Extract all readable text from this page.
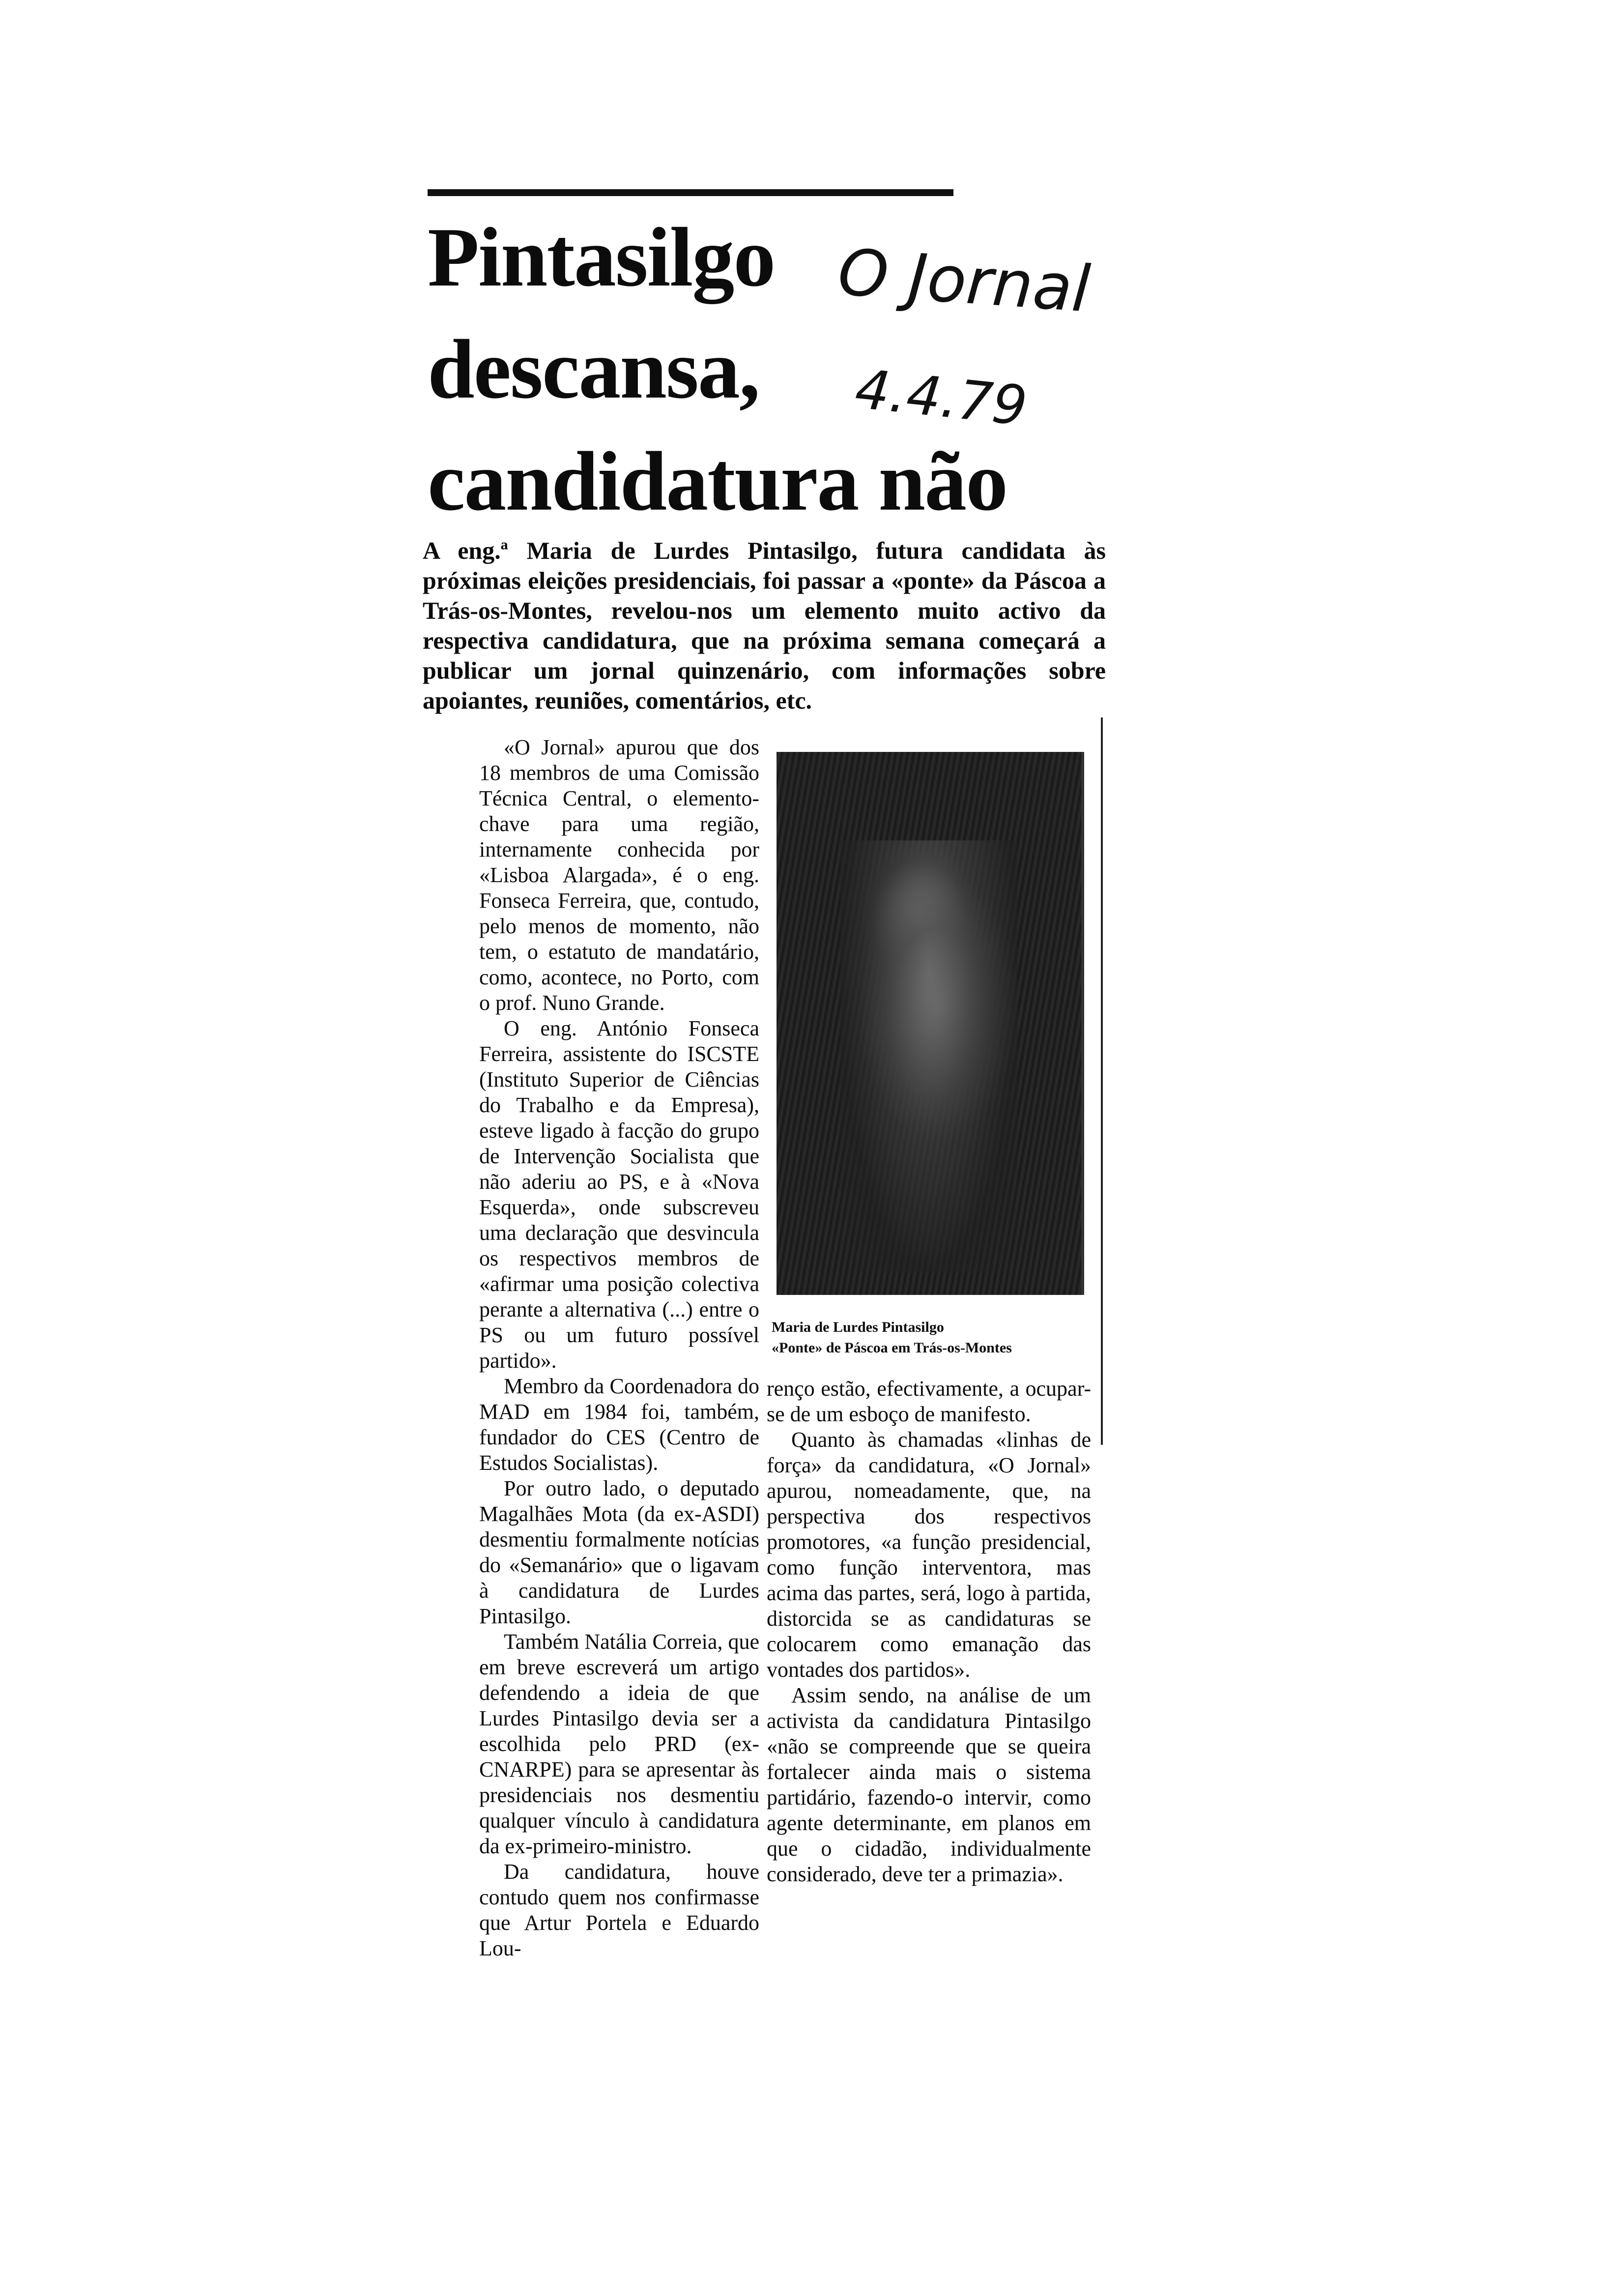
Pintasilgo
descansa,
candidatura não
O Jornal
4.4.79

A eng.ª Maria de Lurdes Pintasilgo, futura candidata às próximas eleições presidenciais, foi passar a «ponte» da Páscoa a Trás-os-Montes, revelou-nos um elemento muito activo da respectiva candidatura, que na próxima semana começará a publicar um jornal quinzenário, com informações sobre apoiantes, reuniões, comentários, etc.

«O Jornal» apurou que dos 18 membros de uma Comissão Técnica Central, o elemento-chave para uma região, internamente conhecida por «Lisboa Alargada», é o eng. Fonseca Ferreira, que, contudo, pelo menos de momento, não tem, o estatuto de mandatário, como, acontece, no Porto, com o prof. Nuno Grande.

O eng. António Fonseca Ferreira, assistente do ISCSTE (Instituto Superior de Ciências do Trabalho e da Empresa), esteve ligado à facção do grupo de Intervenção Socialista que não aderiu ao PS, e à «Nova Esquerda», onde subscreveu uma declaração que desvincula os respectivos membros de «afirmar uma posição colectiva perante a alternativa (...) entre o PS ou um futuro possível partido».

Membro da Coordenadora do MAD em 1984 foi, também, fundador do CES (Centro de Estudos Socialistas).

Por outro lado, o deputado Magalhães Mota (da ex-ASDI) desmentiu formalmente notícias do «Semanário» que o ligavam à candidatura de Lurdes Pintasilgo.

Também Natália Correia, que em breve escreverá um artigo defendendo a ideia de que Lurdes Pintasilgo devia ser a escolhida pelo PRD (ex-CNARPE) para se apresentar às presidenciais nos desmentiu qualquer vínculo à candidatura da ex-primeiro-ministro.

Da candidatura, houve contudo quem nos confirmasse que Artur Portela e Eduardo Lou-

Maria de Lurdes Pintasilgo
«Ponte» de Páscoa em Trás-os-Montes

renço estão, efectivamente, a ocupar-se de um esboço de manifesto.

Quanto às chamadas «linhas de força» da candidatura, «O Jornal» apurou, nomeadamente, que, na perspectiva dos respectivos promotores, «a função presidencial, como função interventora, mas acima das partes, será, logo à partida, distorcida se as candidaturas se colocarem como emanação das vontades dos partidos».

Assim sendo, na análise de um activista da candidatura Pintasilgo «não se compreende que se queira fortalecer ainda mais o sistema partidário, fazendo-o intervir, como agente determinante, em planos em que o cidadão, individualmente considerado, deve ter a primazia».
